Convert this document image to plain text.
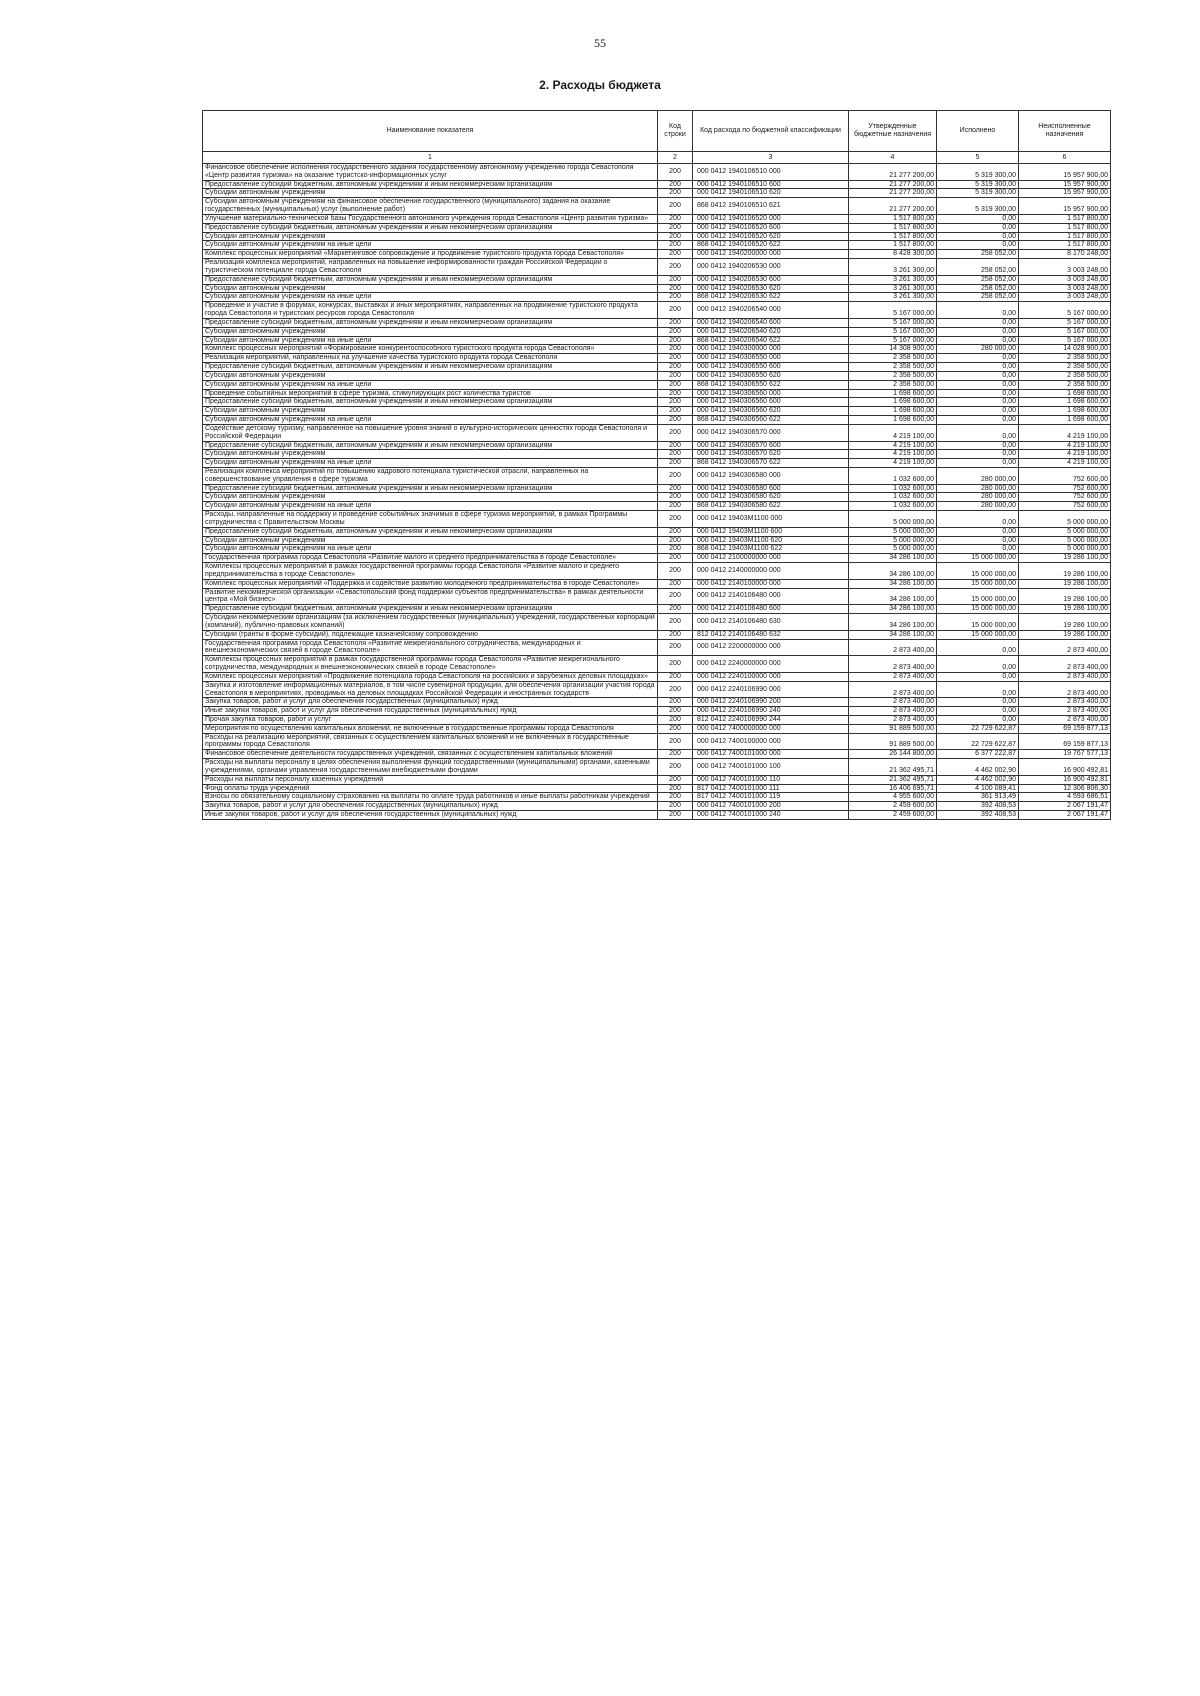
55
2. Расходы бюджета
Наименование показателя	Код строки	Код расхода по бюджетной классификации	Утвержденные бюджетные назначения	Исполнено	Неисполненные назначения
1	2	3	4	5	6
Финансовое обеспечение исполнения государственного задания государственному автономному учреждению города Севастополя «Центр развития туризма» на оказание туристско-информационных услуг	200	000 0412 1940106510 000	21 277 200,00	5 319 300,00	15 957 900,00
Предоставление субсидий бюджетным, автономным учреждениям и иным некоммерческим организациям	200	000 0412 1940106510 600	21 277 200,00	5 319 300,00	15 957 900,00
Субсидии автономным учреждениям	200	000 0412 1940106510 620	21 277 200,00	5 319 300,00	15 957 900,00
Субсидии автономным учреждениям на финансовое обеспечение государственного (муниципального) задания на оказание государственных (муниципальных) услуг (выполнение работ)	200	868 0412 1940106510 621	21 277 200,00	5 319 300,00	15 957 900,00
Улучшение материально-технической базы Государственного автономного учреждения города Севастополя «Центр развития туризма»	200	000 0412 1940106520 000	1 517 800,00	0,00	1 517 800,00
Предоставление субсидий бюджетным, автономным учреждениям и иным некоммерческим организациям	200	000 0412 1940106520 600	1 517 800,00	0,00	1 517 800,00
Субсидии автономным учреждениям	200	000 0412 1940106520 620	1 517 800,00	0,00	1 517 800,00
Субсидии автономным учреждениям на иные цели	200	868 0412 1940106520 622	1 517 800,00	0,00	1 517 800,00
Комплекс процессных мероприятий «Маркетинговое сопровождение и продвижение туристского продукта города Севастополя»	200	000 0412 1940200000 000	8 428 300,00	258 052,00	8 170 248,00
Реализация комплекса мероприятий, направленных на повышение информированности граждан Российской Федерации о туристическом потенциале города Севастополя	200	000 0412 1940206530 000	3 261 300,00	258 052,00	3 003 248,00
Предоставление субсидий бюджетным, автономным учреждениям и иным некоммерческим организациям	200	000 0412 1940206530 600	3 261 300,00	258 052,00	3 003 248,00
Субсидии автономным учреждениям	200	000 0412 1940206530 620	3 261 300,00	258 052,00	3 003 248,00
Субсидии автономным учреждениям на иные цели	200	868 0412 1940206530 622	3 261 300,00	258 052,00	3 003 248,00
Проведение и участие в форумах, конкурсах, выставках и иных мероприятиях, направленных на продвижение туристского продукта города Севастополя и туристских ресурсов города Севастополя	200	000 0412 1940206540 000	5 167 000,00	0,00	5 167 000,00
Предоставление субсидий бюджетным, автономным учреждениям и иным некоммерческим организациям	200	000 0412 1940206540 600	5 167 000,00	0,00	5 167 000,00
Субсидии автономным учреждениям	200	000 0412 1940206540 620	5 167 000,00	0,00	5 167 000,00
Субсидии автономным учреждениям на иные цели	200	868 0412 1940206540 622	5 167 000,00	0,00	5 167 000,00
Комплекс процессных мероприятий «Формирование конкурентоспособного туристского продукта города Севастополя»	200	000 0412 1940300000 000	14 308 900,00	280 000,00	14 028 900,00
Реализация мероприятий, направленных на улучшение качества туристского продукта города Севастополя	200	000 0412 1940306550 000	2 358 500,00	0,00	2 358 500,00
Предоставление субсидий бюджетным, автономным учреждениям и иным некоммерческим организациям	200	000 0412 1940306550 600	2 358 500,00	0,00	2 358 500,00
Субсидии автономным учреждениям	200	000 0412 1940306550 620	2 358 500,00	0,00	2 358 500,00
Субсидии автономным учреждениям на иные цели	200	868 0412 1940306550 622	2 358 500,00	0,00	2 358 500,00
Проведение событийных мероприятий в сфере туризма, стимулирующих рост количества туристов	200	000 0412 1940306560 000	1 698 600,00	0,00	1 698 600,00
Предоставление субсидий бюджетным, автономным учреждениям и иным некоммерческим организациям	200	000 0412 1940306560 600	1 698 600,00	0,00	1 698 600,00
Субсидии автономным учреждениям	200	000 0412 1940306560 620	1 698 600,00	0,00	1 698 600,00
Субсидии автономным учреждениям на иные цели	200	868 0412 1940306560 622	1 698 600,00	0,00	1 698 600,00
Содействие детскому туризму, направленное на повышение уровня знаний о культурно-исторических ценностях города Севастополя и Российской Федерации	200	000 0412 1940306570 000	4 219 100,00	0,00	4 219 100,00
Предоставление субсидий бюджетным, автономным учреждениям и иным некоммерческим организациям	200	000 0412 1940306570 600	4 219 100,00	0,00	4 219 100,00
Субсидии автономным учреждениям	200	000 0412 1940306570 620	4 219 100,00	0,00	4 219 100,00
Субсидии автономным учреждениям на иные цели	200	868 0412 1940306570 622	4 219 100,00	0,00	4 219 100,00
Реализация комплекса мероприятий по повышению кадрового потенциала туристической отрасли, направленных на совершенствование управления в сфере туризма	200	000 0412 1940306580 000	1 032 600,00	280 000,00	752 600,00
Предоставление субсидий бюджетным, автономным учреждениям и иным некоммерческим организациям	200	000 0412 1940306580 600	1 032 600,00	280 000,00	752 600,00
Субсидии автономным учреждениям	200	000 0412 1940306580 620	1 032 600,00	280 000,00	752 600,00
Субсидии автономным учреждениям на иные цели	200	868 0412 1940306580 622	1 032 600,00	280 000,00	752 600,00
Расходы, направленные на поддержку и проведение событийных значимых в сфере туризма мероприятий, в рамках Программы сотрудничества с Правительством Москвы	200	000 0412 19403М1100 000	5 000 000,00	0,00	5 000 000,00
Предоставление субсидий бюджетным, автономным учреждениям и иным некоммерческим организациям	200	000 0412 19403М1100 600	5 000 000,00	0,00	5 000 000,00
Субсидии автономным учреждениям	200	000 0412 19403М1100 620	5 000 000,00	0,00	5 000 000,00
Субсидии автономным учреждениям на иные цели	200	868 0412 19403М1100 622	5 000 000,00	0,00	5 000 000,00
Государственная программа города Севастополя «Развитие малого и среднего предпринимательства в городе Севастополе»	200	000 0412 2100000000 000	34 286 100,00	15 000 000,00	19 286 100,00
Комплексы процессных мероприятий в рамках государственной программы города Севастополя «Развитие малого и среднего предпринимательства в городе Севастополе»	200	000 0412 2140000000 000	34 286 100,00	15 000 000,00	19 286 100,00
Комплекс процессных мероприятий «Поддержка и содействие развитию молодежного предпринимательства в городе Севастополе»	200	000 0412 2140100000 000	34 286 100,00	15 000 000,00	19 286 100,00
Развитие некоммерческой организации «Севастопольский фонд поддержки субъектов предпринимательства» в рамках деятельности центра «Мой бизнес»	200	000 0412 2140106480 000	34 286 100,00	15 000 000,00	19 286 100,00
Предоставление субсидий бюджетным, автономным учреждениям и иным некоммерческим организациям	200	000 0412 2140106480 600	34 286 100,00	15 000 000,00	19 286 100,00
Субсидии некоммерческим организациям (за исключением государственных (муниципальных) учреждений, государственных корпораций (компаний), публично-правовых компаний)	200	000 0412 2140106480 630	34 286 100,00	15 000 000,00	19 286 100,00
Субсидии (гранты в форме субсидий), подлежащие казначейскому сопровождению	200	812 0412 2140106480 632	34 286 100,00	15 000 000,00	19 286 100,00
Государственная программа города Севастополя «Развитие межрегионального сотрудничества, международных и внешнеэкономических связей в городе Севастополе»	200	000 0412 2200000000 000	2 873 400,00	0,00	2 873 400,00
Комплексы процессных мероприятий в рамках государственной программы города Севастополя «Развитие межрегионального сотрудничества, международных и внешнеэкономических связей в городе Севастополе»	200	000 0412 2240000000 000	2 873 400,00	0,00	2 873 400,00
Комплекс процессных мероприятий «Продвижение потенциала города Севастополя на российских и зарубежных деловых площадках»	200	000 0412 2240100000 000	2 873 400,00	0,00	2 873 400,00
Закупка и изготовление информационных материалов, в том числе сувенирной продукции, для обеспечения организации участия города Севастополя в мероприятиях, проводимых на деловых площадках Российской Федерации и иностранных государств	200	000 0412 2240106990 000	2 873 400,00	0,00	2 873 400,00
Закупка товаров, работ и услуг для обеспечения государственных (муниципальных) нужд	200	000 0412 2240106990 200	2 873 400,00	0,00	2 873 400,00
Иные закупки товаров, работ и услуг для обеспечения государственных (муниципальных) нужд	200	000 0412 2240106990 240	2 873 400,00	0,00	2 873 400,00
Прочая закупка товаров, работ и услуг	200	812 0412 2240106990 244	2 873 400,00	0,00	2 873 400,00
Мероприятия по осуществлению капитальных вложений, не включенные в государственные программы города Севастополя	200	000 0412 7400000000 000	91 889 500,00	22 729 622,87	69 159 877,13
Расходы на реализацию мероприятий, связанных с осуществлением капитальных вложений и не включенных в государственные программы города Севастополя	200	000 0412 7400100000 000	91 889 500,00	22 729 622,87	69 159 877,13
Финансовое обеспечение деятельности государственных учреждений, связанных с осуществлением капитальных вложений	200	000 0412 7400101000 000	26 144 800,00	6 377 222,87	19 767 577,13
Расходы на выплаты персоналу в целях обеспечения выполнения функций государственными (муниципальными) органами, казенными учреждениями, органами управления государственными внебюджетными фондами	200	000 0412 7400101000 100	21 362 495,71	4 462 002,90	16 900 492,81
Расходы на выплаты персоналу казенных учреждений	200	000 0412 7400101000 110	21 362 495,71	4 462 002,90	16 900 492,81
Фонд оплаты труда учреждений	200	817 0412 7400101000 111	16 406 695,71	4 100 089,41	12 306 806,30
Взносы по обязательному социальному страхованию на выплаты по оплате труда работников и иные выплаты работникам учреждений	200	817 0412 7400101000 119	4 955 600,00	361 913,49	4 593 686,51
Закупка товаров, работ и услуг для обеспечения государственных (муниципальных) нужд	200	000 0412 7400101000 200	2 459 600,00	392 408,53	2 067 191,47
Иные закупки товаров, работ и услуг для обеспечения государственных (муниципальных) нужд	200	000 0412 7400101000 240	2 459 600,00	392 408,53	2 067 191,47
